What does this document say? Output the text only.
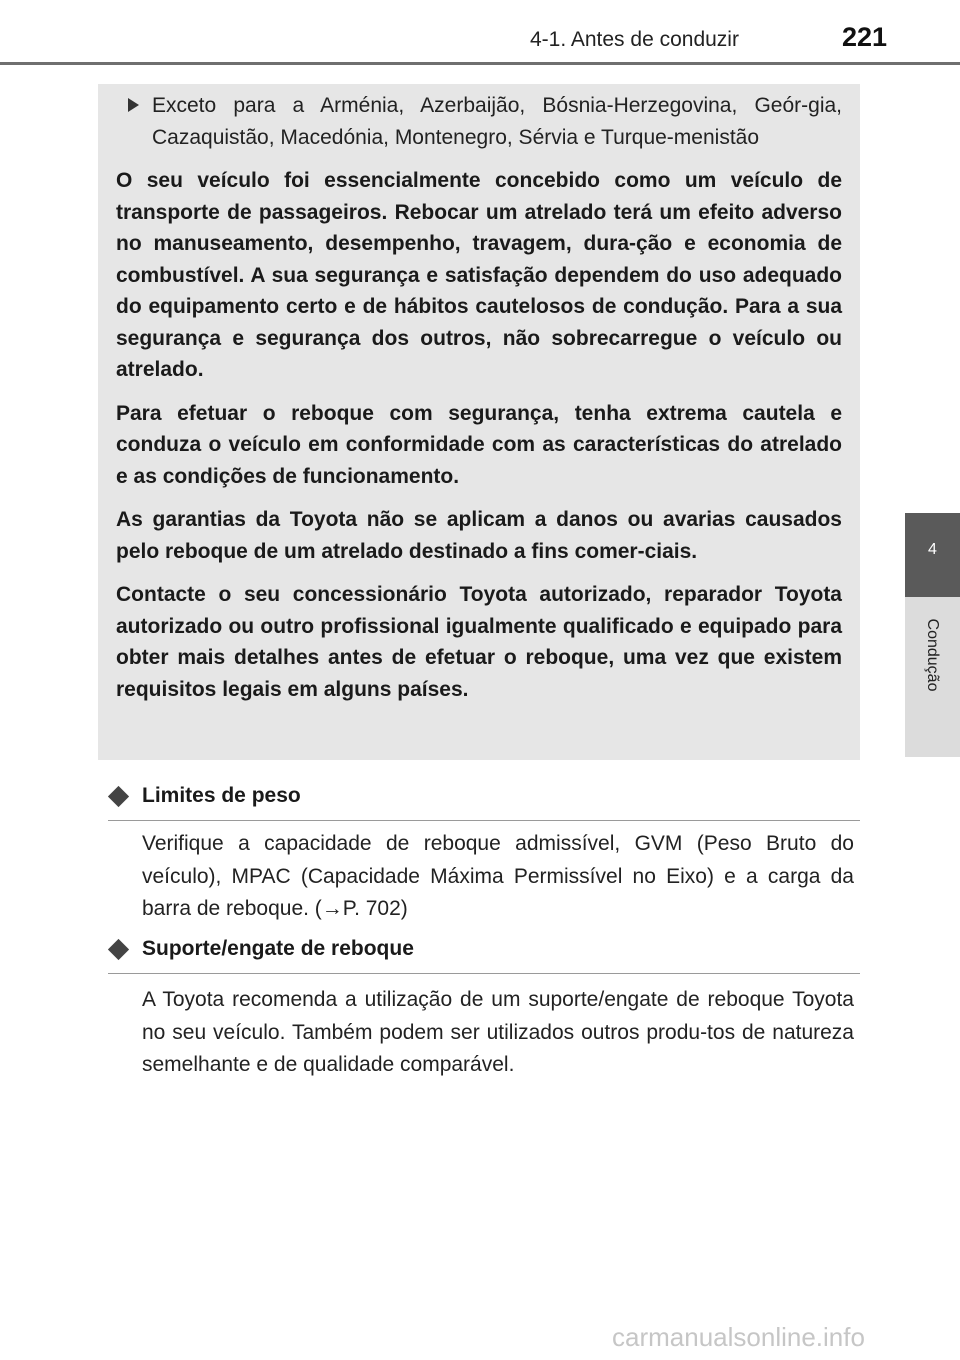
4-1. Antes de conduzir	221
4
Condução
Exceto para a Arménia, Azerbaijão, Bósnia-Herzegovina, Geór-gia, Cazaquistão, Macedónia, Montenegro, Sérvia e Turque-menistão

O seu veículo foi essencialmente concebido como um veículo de transporte de passageiros. Rebocar um atrelado terá um efeito adverso no manuseamento, desempenho, travagem, dura-ção e economia de combustível. A sua segurança e satisfação dependem do uso adequado do equipamento certo e de hábitos cautelosos de condução. Para a sua segurança e segurança dos outros, não sobrecarregue o veículo ou atrelado.

Para efetuar o reboque com segurança, tenha extrema cautela e conduza o veículo em conformidade com as características do atrelado e as condições de funcionamento.

As garantias da Toyota não se aplicam a danos ou avarias causados pelo reboque de um atrelado destinado a fins comer-ciais.

Contacte o seu concessionário Toyota autorizado, reparador Toyota autorizado ou outro profissional igualmente qualificado e equipado para obter mais detalhes antes de efetuar o reboque, uma vez que existem requisitos legais em alguns países.

Limites de peso
Verifique a capacidade de reboque admissível, GVM (Peso Bruto do veículo), MPAC (Capacidade Máxima Permissível no Eixo) e a carga da barra de reboque. (→P. 702)
Suporte/engate de reboque
A Toyota recomenda a utilização de um suporte/engate de reboque Toyota no seu veículo. Também podem ser utilizados outros produ-tos de natureza semelhante e de qualidade comparável.
carmanualsonline.info
